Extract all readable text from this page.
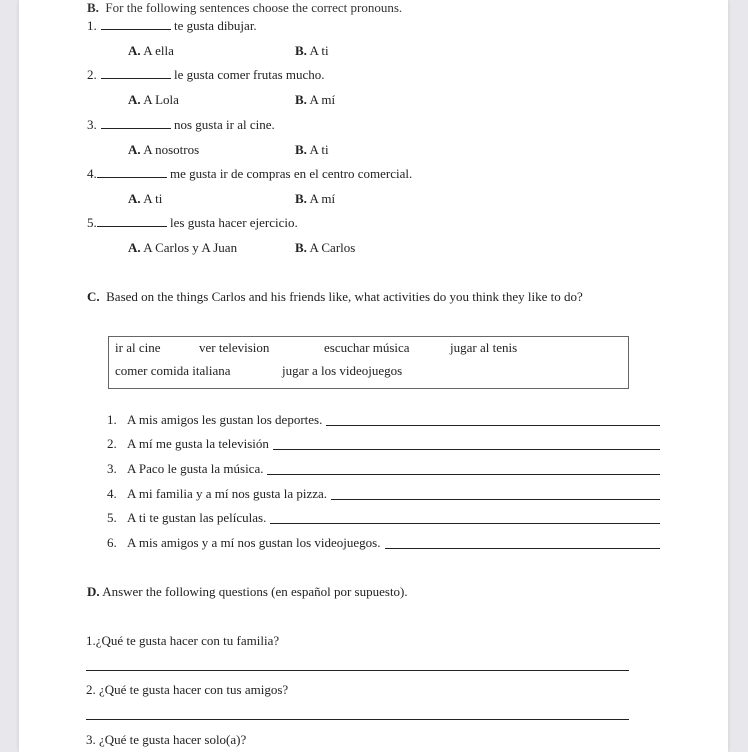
B. For the following sentences choose the correct pronouns.
1.	te gusta dibujar.
A. A ella	B. A ti
2.	le gusta comer frutas mucho.
A. A Lola	B. A mí
3.	nos gusta ir al cine.
A. A nosotros	B. A ti
4.	me gusta ir de compras en el centro comercial.
A. A ti	B. A mí
5.	les gusta hacer ejercicio.
A. A Carlos y A Juan	B. A Carlos
C. Based on the things Carlos and his friends like, what activities do you think they like to do?
ir al cine	ver television	escuchar música	jugar al tenis
comer comida italiana	jugar a los videojuegos
1. A mis amigos les gustan los deportes.
2. A mí me gusta la televisión
3. A Paco le gusta la música.
4. A mi familia y a mí nos gusta la pizza.
5. A ti te gustan las películas.
6. A mis amigos y a mí nos gustan los videojuegos.
D. Answer the following questions (en español por supuesto).
1.¿Qué te gusta hacer con tu familia?
2. ¿Qué te gusta hacer con tus amigos?
3. ¿Qué te gusta hacer solo(a)?
